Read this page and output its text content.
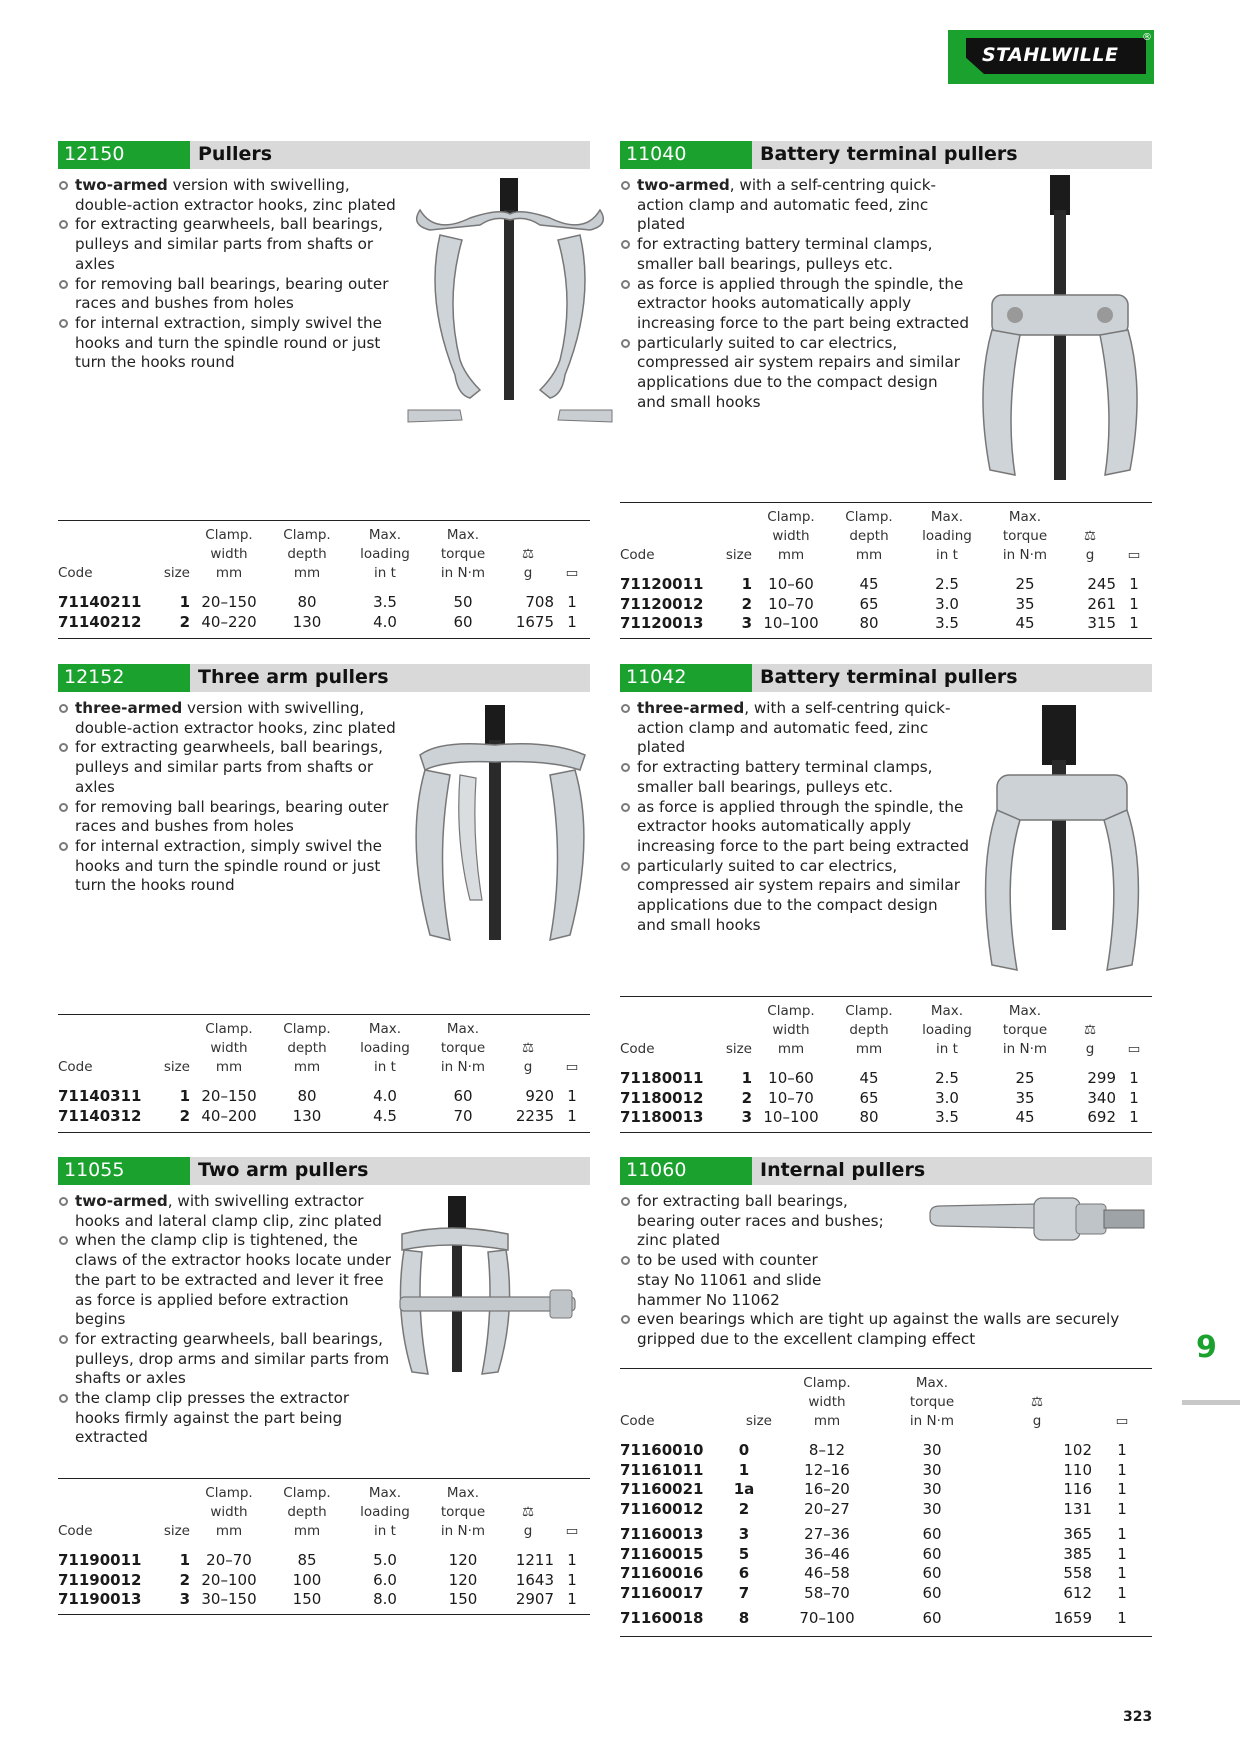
STAHLWILLE
®
12150	Pullers
two-armed version with swivelling, double-action extractor hooks, zinc plated
for extracting gearwheels, ball bearings, pulleys and similar parts from shafts or axles
for removing ball bearings, bearing outer races and bushes from holes
for internal extraction, simply swivel the hooks and turn the spindle round or just turn the hooks round
Code	size	Clamp.
width
mm	Clamp.
depth
mm	Max.
loading
in t	Max.
torque
in N·m	⚖
g	▭

71140211	1	20–150	80	3.5	50	708	1
71140212	2	40–220	130	4.0	60	1675	1
11040	Battery terminal pullers
two-armed, with a self-centring quick-action clamp and automatic feed, zinc plated
for extracting battery terminal clamps, smaller ball bearings, pulleys etc.
as force is applied through the spindle, the extractor hooks automatically apply increasing force to the part being extracted
particularly suited to car electrics, compressed air system repairs and similar applications due to the compact design and small hooks
Code	size	Clamp.
width
mm	Clamp.
depth
mm	Max.
loading
in t	Max.
torque
in N·m	⚖
g	▭

71120011	1	10–60	45	2.5	25	245	1
71120012	2	10–70	65	3.0	35	261	1
71120013	3	10–100	80	3.5	45	315	1
12152	Three arm pullers
three-armed version with swivelling, double-action extractor hooks, zinc plated
for extracting gearwheels, ball bearings, pulleys and similar parts from shafts or axles
for removing ball bearings, bearing outer races and bushes from holes
for internal extraction, simply swivel the hooks and turn the spindle round or just turn the hooks round
Code	size	Clamp.
width
mm	Clamp.
depth
mm	Max.
loading
in t	Max.
torque
in N·m	⚖
g	▭

71140311	1	20–150	80	4.0	60	920	1
71140312	2	40–200	130	4.5	70	2235	1
11042	Battery terminal pullers
three-armed, with a self-centring quick-action clamp and automatic feed, zinc plated
for extracting battery terminal clamps, smaller ball bearings, pulleys etc.
as force is applied through the spindle, the extractor hooks automatically apply increasing force to the part being extracted
particularly suited to car electrics, compressed air system repairs and similar applications due to the compact design and small hooks
Code	size	Clamp.
width
mm	Clamp.
depth
mm	Max.
loading
in t	Max.
torque
in N·m	⚖
g	▭

71180011	1	10–60	45	2.5	25	299	1
71180012	2	10–70	65	3.0	35	340	1
71180013	3	10–100	80	3.5	45	692	1
11055	Two arm pullers
two-armed, with swivelling extractor hooks and lateral clamp clip, zinc plated
when the clamp clip is tightened, the claws of the extractor hooks locate under the part to be extracted and lever it free as force is applied before extraction begins
for extracting gearwheels, ball bearings, pulleys, drop arms and similar parts from shafts or axles
the clamp clip presses the extractor hooks firmly against the part being extracted
Code	size	Clamp.
width
mm	Clamp.
depth
mm	Max.
loading
in t	Max.
torque
in N·m	⚖
g	▭

71190011	1	20–70	85	5.0	120	1211	1
71190012	2	20–100	100	6.0	120	1643	1
71190013	3	30–150	150	8.0	150	2907	1
11060	Internal pullers
for extracting ball bearings, bearing outer races and bushes; zinc plated
to be used with counter stay No 11061 and slide hammer No 11062
even bearings which are tight up against the walls are securely gripped due to the excellent clamping effect
Code	size	Clamp.
width
mm	Max.
torque
in N·m	⚖
g	▭

71160010	0	8–12	30	102	1
71161011	1	12–16	30	110	1
71160021	1a	16–20	30	116	1
71160012	2	20–27	30	131	1

71160013	3	27–36	60	365	1
71160015	5	36–46	60	385	1
71160016	6	46–58	60	558	1
71160017	7	58–70	60	612	1

71160018	8	70–100	60	1659	1
9
323
